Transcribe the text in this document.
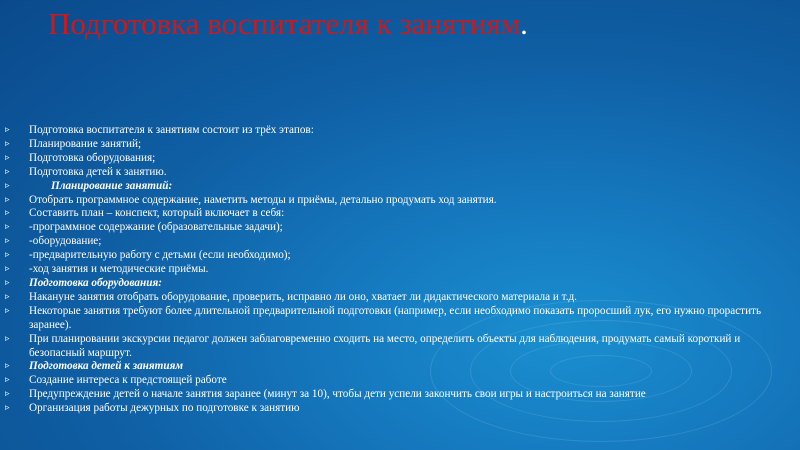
Подготовка воспитателя к занятиям.
▹ Подготовка воспитателя к занятиям состоит из трёх этапов:
▹ Планирование занятий;
▹ Подготовка оборудования;
▹ Подготовка детей к занятию.
▹ Планирование занятий:
▹ Отобрать программное содержание, наметить методы и приёмы, детально продумать ход занятия.
▹ Составить план – конспект, который включает в себя:
▹ -программное содержание (образовательные задачи);
▹ -оборудование;
▹ -предварительную работу с детьми (если необходимо);
▹ -ход занятия и методические приёмы.
▹ Подготовка оборудования:
▹ Накануне занятия отобрать оборудование, проверить, исправно ли оно, хватает ли дидактического материала и т.д.
▹ Некоторые занятия требуют более длительной предварительной подготовки (например, если необходимо показать проросший лук, его нужно прорастить заранее).
▹ При планировании экскурсии педагог должен заблаговременно сходить на место, определить объекты для наблюдения, продумать самый короткий и безопасный маршрут.
▹ Подготовка детей к занятиям
▹ Создание интереса к предстоящей работе
▹ Предупреждение детей о начале занятия заранее (минут за 10), чтобы дети успели закончить свои игры и настроиться на занятие
▹ Организация работы дежурных по подготовке к занятию
